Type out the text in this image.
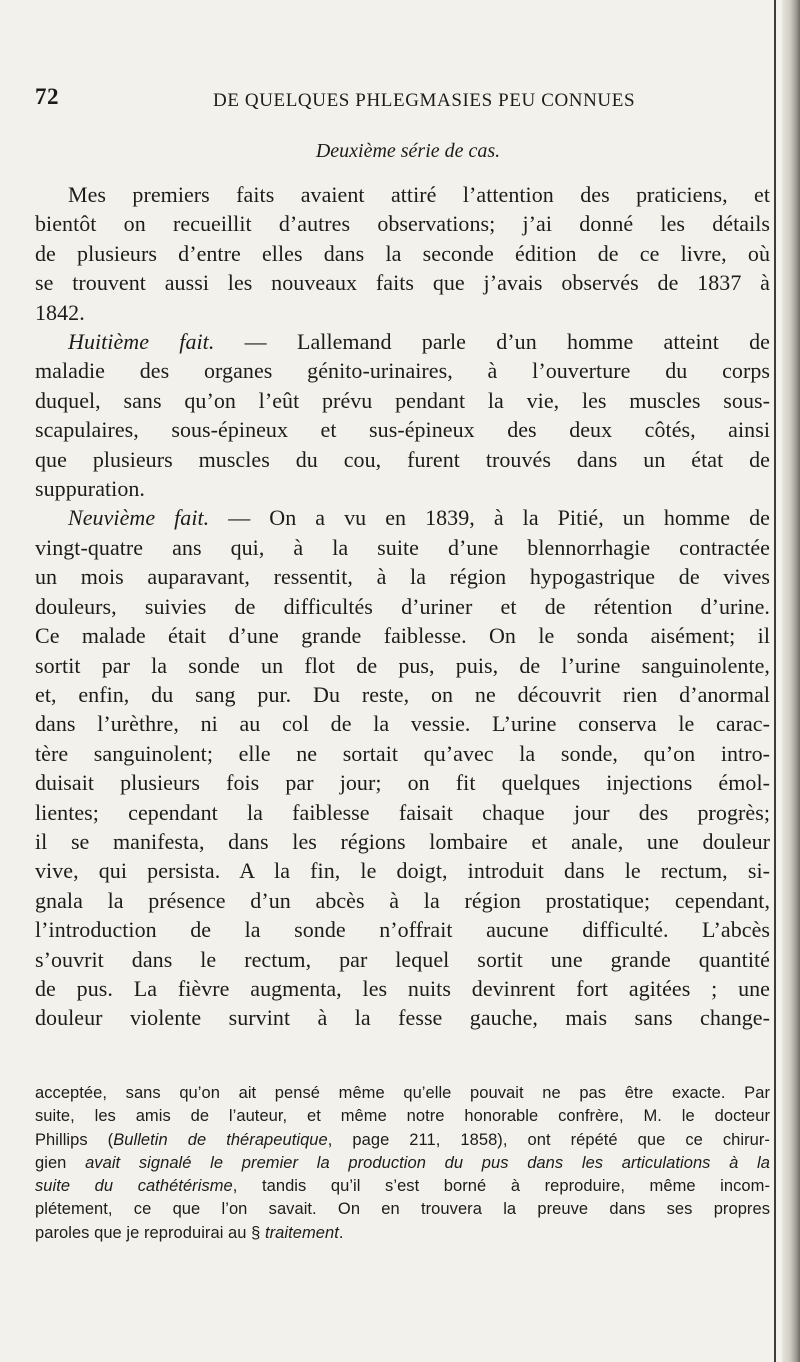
72	DE QUELQUES PHLEGMASIES PEU CONNUES
Deuxième série de cas.
Mes premiers faits avaient attiré l’attention des praticiens, et
bientôt on recueillit d’autres observations; j’ai donné les détails
de plusieurs d’entre elles dans la seconde édition de ce livre, où
se trouvent aussi les nouveaux faits que j’avais observés de 1837 à
1842.
Huitième fait. — Lallemand parle d’un homme atteint de
maladie des organes génito-urinaires, à l’ouverture du corps
duquel, sans qu’on l’eût prévu pendant la vie, les muscles sous-
scapulaires, sous-épineux et sus-épineux des deux côtés, ainsi
que plusieurs muscles du cou, furent trouvés dans un état de
suppuration.
Neuvième fait. — On a vu en 1839, à la Pitié, un homme de
vingt-quatre ans qui, à la suite d’une blennorrhagie contractée
un mois auparavant, ressentit, à la région hypogastrique de vives
douleurs, suivies de difficultés d’uriner et de rétention d’urine.
Ce malade était d’une grande faiblesse. On le sonda aisément; il
sortit par la sonde un flot de pus, puis, de l’urine sanguinolente,
et, enfin, du sang pur. Du reste, on ne découvrit rien d’anormal
dans l’urèthre, ni au col de la vessie. L’urine conserva le carac-
tère sanguinolent; elle ne sortait qu’avec la sonde, qu’on intro-
duisait plusieurs fois par jour; on fit quelques injections émol-
lientes; cependant la faiblesse faisait chaque jour des progrès;
il se manifesta, dans les régions lombaire et anale, une douleur
vive, qui persista. A la fin, le doigt, introduit dans le rectum, si-
gnala la présence d’un abcès à la région prostatique; cependant,
l’introduction de la sonde n’offrait aucune difficulté. L’abcès
s’ouvrit dans le rectum, par lequel sortit une grande quantité
de pus. La fièvre augmenta, les nuits devinrent fort agitées ; une
douleur violente survint à la fesse gauche, mais sans change-
acceptée, sans qu’on ait pensé même qu’elle pouvait ne pas être exacte. Par
suite, les amis de l’auteur, et même notre honorable confrère, M. le docteur
Phillips (Bulletin de thérapeutique, page 211, 1858), ont répété que ce chirur-
gien avait signalé le premier la production du pus dans les articulations à la
suite du cathétérisme, tandis qu’il s’est borné à reproduire, même incom-
plétement, ce que l’on savait. On en trouvera la preuve dans ses propres
paroles que je reproduirai au § traitement.
